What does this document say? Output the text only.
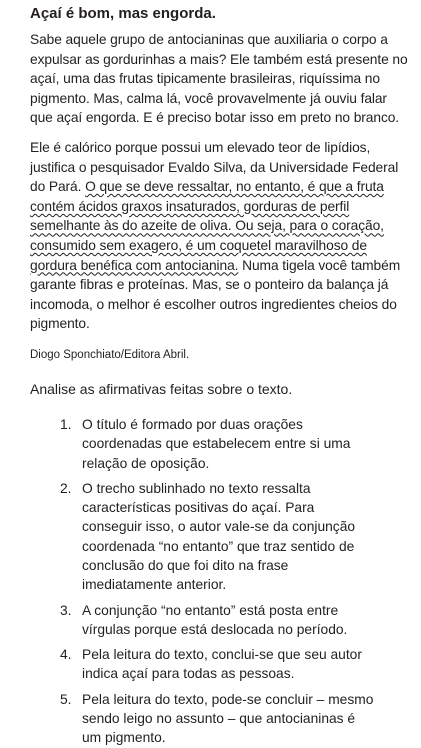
Açaí é bom, mas engorda.

Sabe aquele grupo de antocianinas que auxiliaria o corpo a expulsar as gordurinhas a mais? Ele também está presente no açaí, uma das frutas tipicamente brasileiras, riquíssima no pigmento. Mas, calma lá, você provavelmente já ouviu falar que açaí engorda. E é preciso botar isso em preto no branco.

Ele é calórico porque possui um elevado teor de lipídios, justifica o pesquisador Evaldo Silva, da Universidade Federal do Pará. O que se deve ressaltar, no entanto, é que a fruta contém ácidos graxos insaturados, gorduras de perfil semelhante às do azeite de oliva. Ou seja, para o coração, consumido sem exagero, é um coquetel maravilhoso de gordura benéfica com antocianina. Numa tigela você também garante fibras e proteínas. Mas, se o ponteiro da balança já incomoda, o melhor é escolher outros ingredientes cheios do pigmento.

Diogo Sponchiato/Editora Abril.
Analise as afirmativas feitas sobre o texto.
1. O título é formado por duas orações coordenadas que estabelecem entre si uma relação de oposição.
2. O trecho sublinhado no texto ressalta características positivas do açaí. Para conseguir isso, o autor vale-se da conjunção coordenada “no entanto” que traz sentido de conclusão do que foi dito na frase imediatamente anterior.
3. A conjunção “no entanto” está posta entre vírgulas porque está deslocada no período.
4. Pela leitura do texto, conclui-se que seu autor indica açaí para todas as pessoas.
5. Pela leitura do texto, pode-se concluir – mesmo sendo leigo no assunto – que antocianinas é um pigmento.
